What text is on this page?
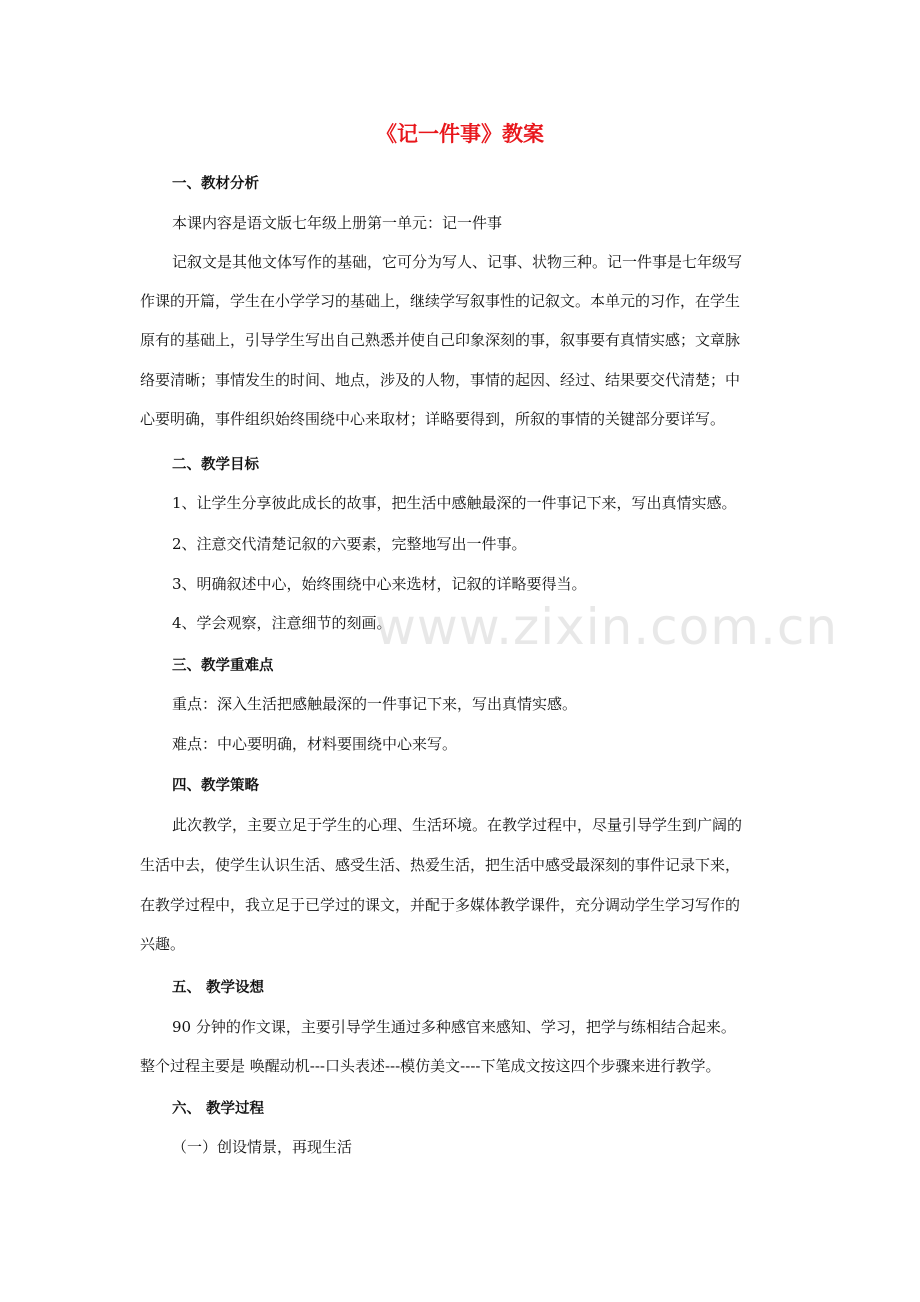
《记一件事》教案
一、教材分析
本课内容是语文版七年级上册第一单元：记一件事
记叙文是其他文体写作的基础，它可分为写人、记事、状物三种。记一件事是七年级写
作课的开篇，学生在小学学习的基础上，继续学写叙事性的记叙文。本单元的习作，在学生
原有的基础上，引导学生写出自己熟悉并使自己印象深刻的事，叙事要有真情实感；文章脉
络要清晰；事情发生的时间、地点，涉及的人物，事情的起因、经过、结果要交代清楚；中
心要明确，事件组织始终围绕中心来取材；详略要得到，所叙的事情的关键部分要详写。
二、教学目标
1、让学生分享彼此成长的故事，把生活中感触最深的一件事记下来，写出真情实感。
2、注意交代清楚记叙的六要素，完整地写出一件事。
3、明确叙述中心，始终围绕中心来选材，记叙的详略要得当。
4、学会观察，注意细节的刻画。
三、教学重难点
重点：深入生活把感触最深的一件事记下来，写出真情实感。
难点：中心要明确，材料要围绕中心来写。
四、教学策略
此次教学，主要立足于学生的心理、生活环境。在教学过程中，尽量引导学生到广阔的
生活中去，使学生认识生活、感受生活、热爱生活，把生活中感受最深刻的事件记录下来，
在教学过程中，我立足于已学过的课文，并配于多媒体教学课件，充分调动学生学习写作的
兴趣。
五、 教学设想
90 分钟的作文课，主要引导学生通过多种感官来感知、学习，把学与练相结合起来。
整个过程主要是 唤醒动机---口头表述---模仿美文----下笔成文按这四个步骤来进行教学。
六、 教学过程
（一）创设情景，再现生活
www.zixin.com.cn
